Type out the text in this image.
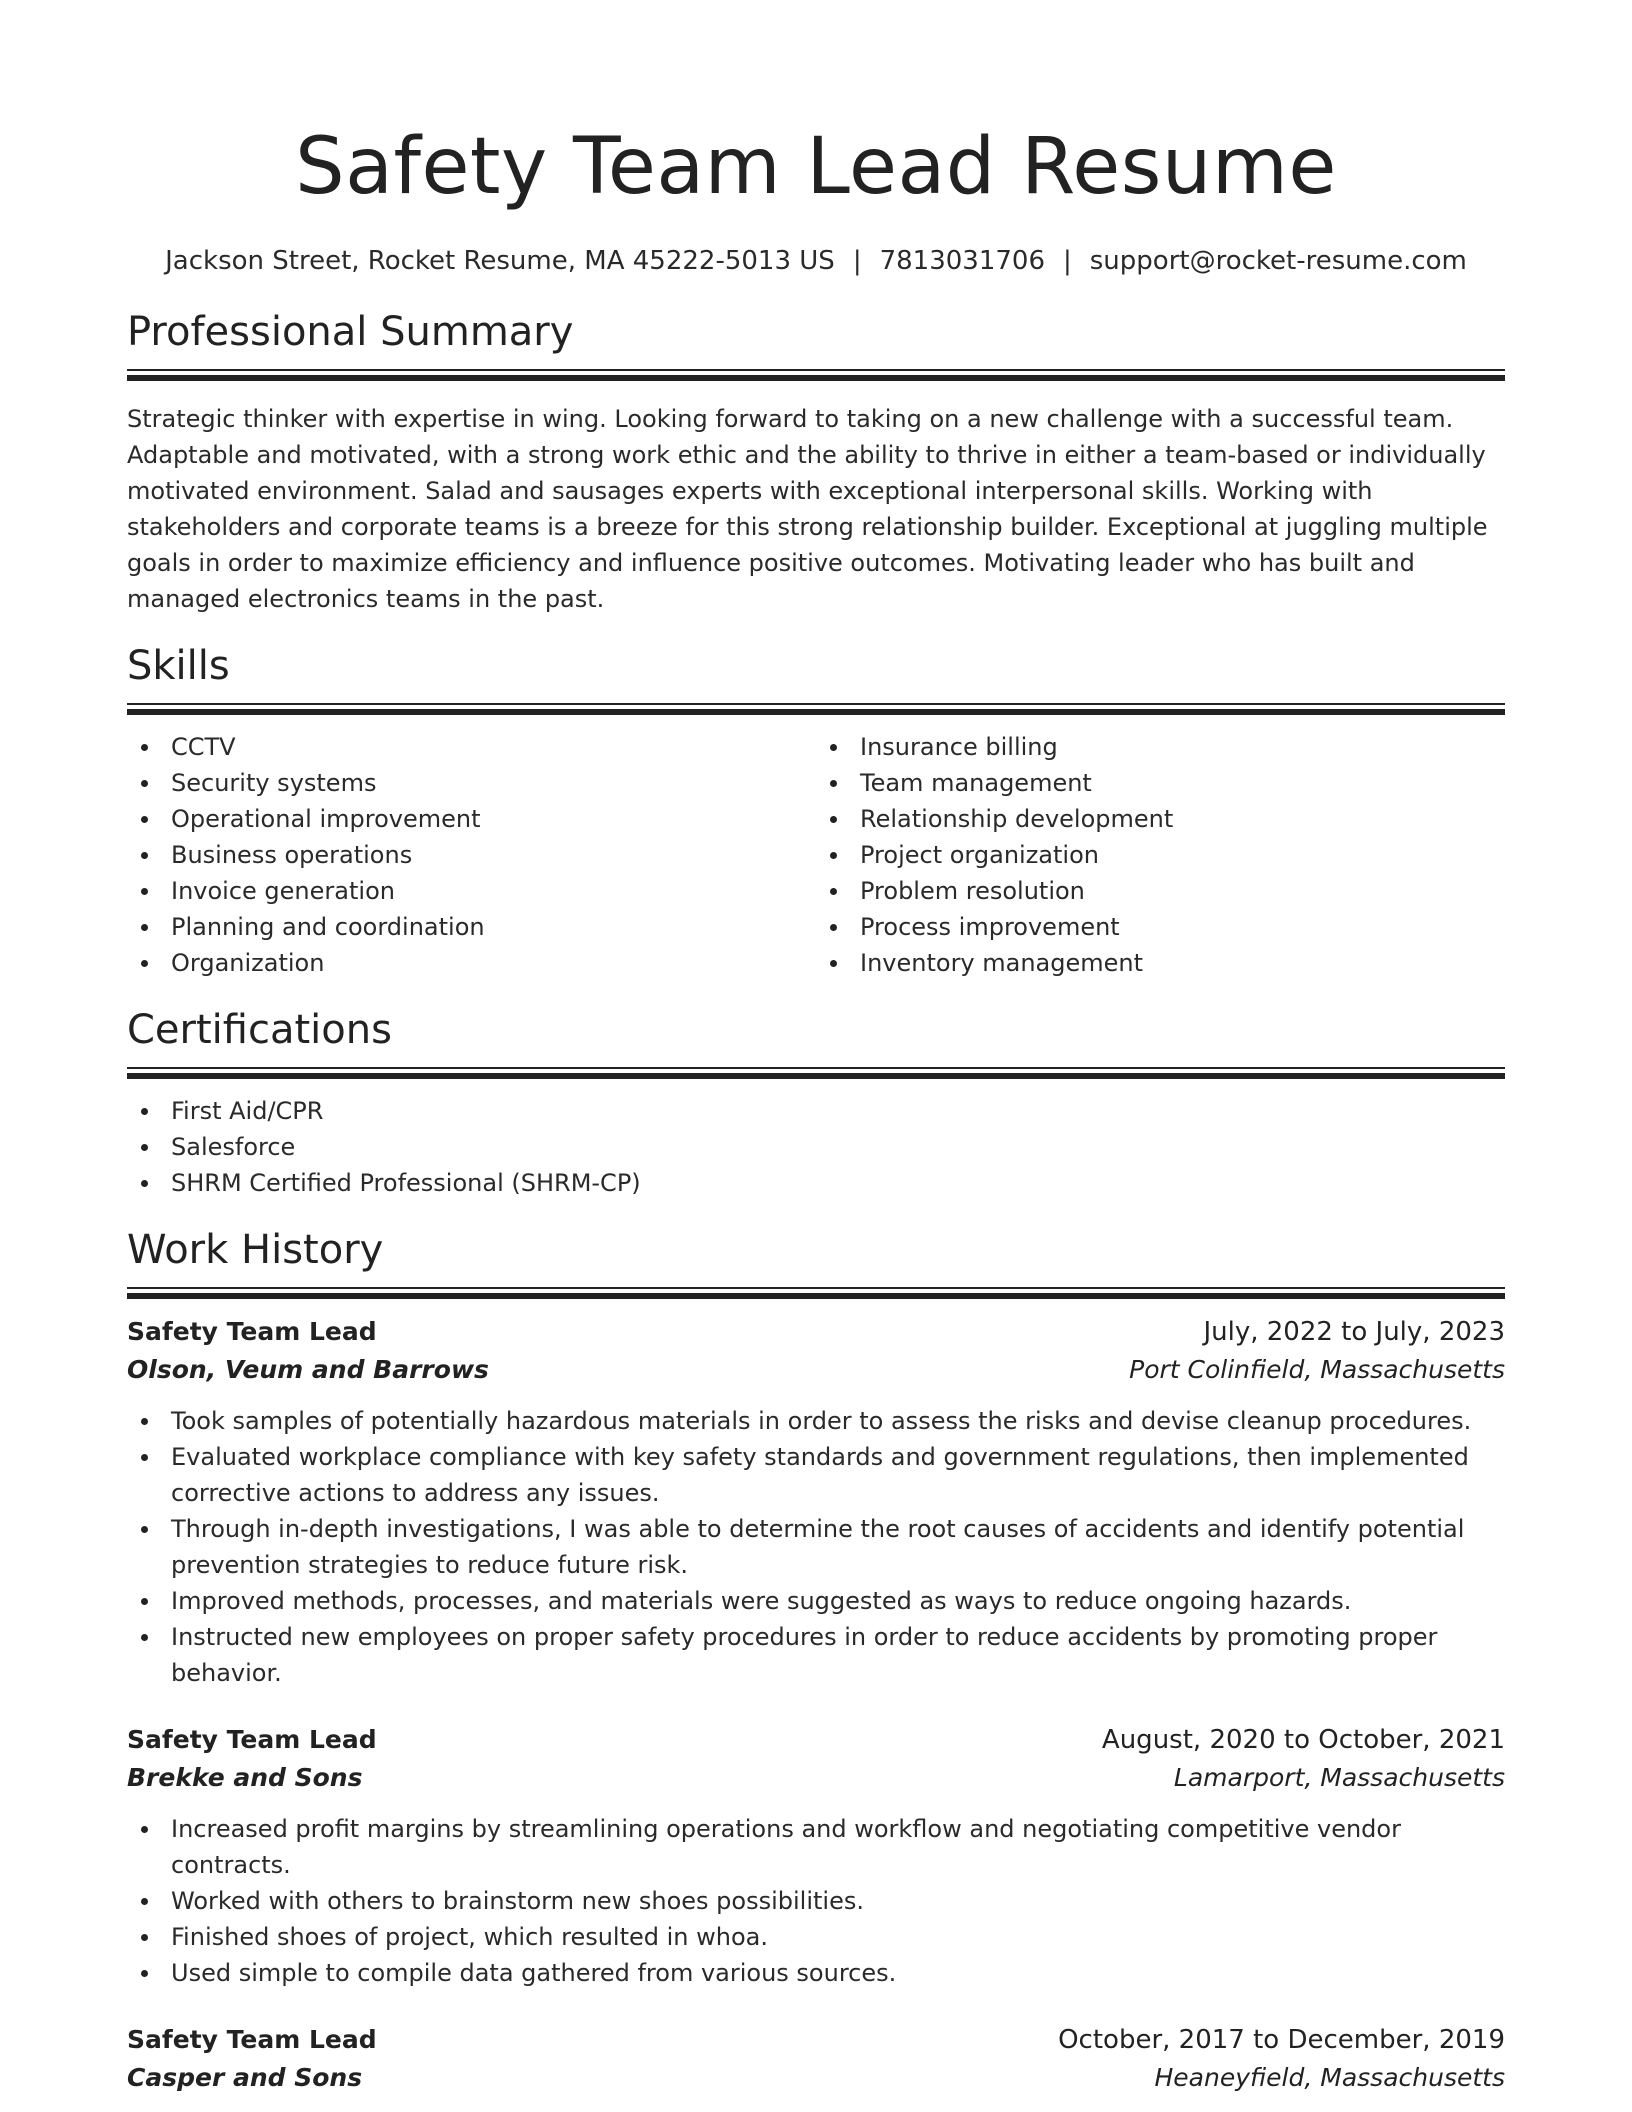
Safety Team Lead Resume
Jackson Street, Rocket Resume, MA 45222-5013 US | 7813031706 | support@rocket-resume.com
Professional Summary
Strategic thinker with expertise in wing. Looking forward to taking on a new challenge with a successful team. Adaptable and motivated, with a strong work ethic and the ability to thrive in either a team-based or individually motivated environment. Salad and sausages experts with exceptional interpersonal skills. Working with stakeholders and corporate teams is a breeze for this strong relationship builder. Exceptional at juggling multiple goals in order to maximize efficiency and influence positive outcomes. Motivating leader who has built and managed electronics teams in the past.
Skills
CCTV
Security systems
Operational improvement
Business operations
Invoice generation
Planning and coordination
Organization
Insurance billing
Team management
Relationship development
Project organization
Problem resolution
Process improvement
Inventory management
Certifications
First Aid/CPR
Salesforce
SHRM Certified Professional (SHRM-CP)
Work History
Safety Team Lead	July, 2022 to July, 2023
Olson, Veum and Barrows	Port Colinfield, Massachusetts
Took samples of potentially hazardous materials in order to assess the risks and devise cleanup procedures.
Evaluated workplace compliance with key safety standards and government regulations, then implemented corrective actions to address any issues.
Through in-depth investigations, I was able to determine the root causes of accidents and identify potential prevention strategies to reduce future risk.
Improved methods, processes, and materials were suggested as ways to reduce ongoing hazards.
Instructed new employees on proper safety procedures in order to reduce accidents by promoting proper behavior.
Safety Team Lead	August, 2020 to October, 2021
Brekke and Sons	Lamarport, Massachusetts
Increased profit margins by streamlining operations and workflow and negotiating competitive vendor contracts.
Worked with others to brainstorm new shoes possibilities.
Finished shoes of project, which resulted in whoa.
Used simple to compile data gathered from various sources.
Safety Team Lead	October, 2017 to December, 2019
Casper and Sons	Heaneyfield, Massachusetts
